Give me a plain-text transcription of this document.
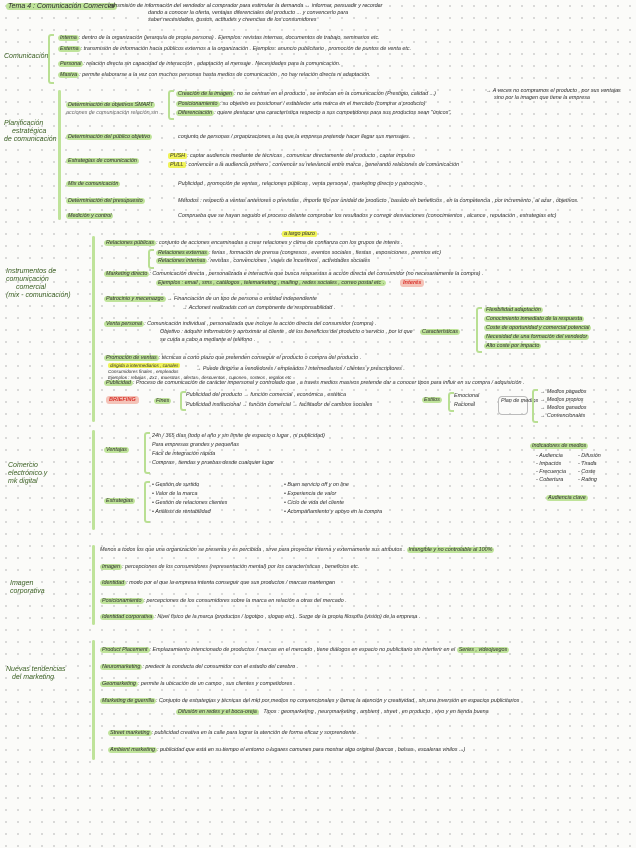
Tema 4 : Comunicación Comercial
transmisión de información del vendedor al comprador para estimular la demanda → informar, persuadir y recordar
dando a conocer la oferta, ventajas diferenciales del producto ... y convencerlo para
saber necesidades, gustos, actitudes y creencias de los consumidores
Comunicación
Interna : dentro de la organización (jerarquía de propia persona) . Ejemplos: revistas internas, documentos de trabajo, seminarios etc.
Externa : transmisión de información hacia públicos externos a la organización . Ejemplos: anuncio publicitario , promoción de puntos de venta etc.
Personal : relación directa sin capacidad de interacción , adaptación al mensaje . Necesidades para la comunicación.
Masiva : permite elaborarse a la vez con muchos personas hasta medios de comunicación , no hay relación directa ni adaptación.
Planificación
estratégica
de comunicación
Determinación de objetivos SMART
acciones de comunicación relación sin ...
Creación de la imagen : no se centran en el producto , se enfocan en la comunicación (Prestigio, calidad ...)	→ A veces no compramos el producto , por sus ventajas
sino por la imagen que tiene la empresa
Posicionamiento : su objetivo es posicionar / establecer una marca en el mercado (comprar a producto)
Diferenciación : quiere destacar una característica respecto a sus competidores para sus productos sean "únicos".
Determinación del público objetivo	conjunto de personas / organizaciones a las que la empresa pretende hacer llegar sus mensajes.
Estrategias de comunicación
PUSH : captar audiencia mediante de técnicas , comunicar directamente del producto , captar impulso
PULL : convencer a la audiencia primero , convencer su relevancia entre marca , generando relaciones de comunicación
Mix de comunicación	Publicidad , promoción de ventas , relaciones públicas , venta personal , marketing directo y patrocinio .
Determinación del presupuesto	Métodos : respecto a ventas anteriores o previstas , importe fijo por unidad de producto , basado en beneficios , en la competencia , por incremento , al azar , objetivos.
Medición y control	Comprueba que se hayan seguido el proceso delante comprobar los resultados y corregir desviaciones (conocimientos , alcance , reputación , estrategias etc)
Instrumentos de
comunicación
comercial
(mix - comunicación)
a largo plazo
Relaciones públicas : conjunto de acciones encaminadas a crear relaciones y clima de confianza con los grupos de interés .
Relaciones externas : ferias , formación de prensa (congresos , eventos sociales , fiestas , exposiciones , premios etc)
Relaciones internas : revistas , convenciones , viajes de incentivos , actividades sociales
Marketing directo : Comunicación directa , personalizada e interactiva que busca respuestas a acción directa del consumidor (no necesariamente la compra) .
Ejemplos : email , sms , catálogos , telemarketing , mailing , redes sociales , correo postal etc .	Interés
Patrocinio y mecenazgo → Financiación de un tipo de persona o entidad independiente
→ Acciones realizadas con un componente de responsabilidad .
Venta personal : Comunicación individual , personalizada que incluye la acción directa del consumidor (compra) .
Objetivo : adquirir información y aproximar al cliente , de los beneficios del producto o servicio , por lo que
se cuida a cabo a mediante el teléfono .
Características
Flexibilidad adaptación
Conocimiento inmediato de la respuesta
Coste de oportunidad y comercial potencial
Necesidad de una formación del vendedor
Alto coste por impacto
Promoción de ventas : técnicas a corto plazo que pretenden conseguir el producto o compra del producto .
dirigida a intermediarios , canales
Consumidores finales , empleados
Ejemplos : rebajas , 2x1 , muestras , ofertas , descuentos , cupones , sorteos , regalos etc
→ Puede dirigirse a vendedores / empleados / intermediarios / clientes y prescriptores .
Publicidad : Proceso de comunicación de carácter impersonal y controlado que , a través medios masivos pretende dar a conocer tipos para influir en su compra / adquisición .
BRIEFING	Fines
Publicidad del producto → función comercial , económica , estética
Publicidad institucional → función comercial → facilitador de cambios sociales
Estilos
Emocional
Racional
Plan de medios
→ Medios pagados
→ Medios propios
→ Medios ganados
→ Convencionales
Indicadores de medios
- Audiencia
- Impactos
- Frecuencia
- Cobertura
- Difusión
- Tirada
- Coste
- Rating
Audiencia clave
Comercio
electrónico y
mk digital
Ventajas
24h / 365 días (todo el año y sin límite de espacio o lugar , ni publicidad)
Para empresas grandes y pequeñas
Fácil de integración rápida
Compras , tiendas y pruebas desde cualquier lugar
Estrategias
• Gestión de surtido
• Valor de la marca
• Gestión de relaciones clientes
• Análisis de rentabilidad
• Buen servicio off y on line
• Experiencia de valor
• Ciclo de vida del cliente
• Acompañamiento y apoyo en la compra
Imagen
corporativa
Menos a todos los que una organización se presenta y es percibida , sirve para proyectar interna y externamente sus atributos . Intangible y no controlable al 100%
Imagen : percepciones de los consumidores (representación mental) por los características , beneficios etc.
Identidad : modo por el que la empresa intenta conseguir que sus productos / marcas mantengan
Posicionamiento : percepciones de los consumidores sobre la marca en relación a otras del mercado .
Identidad corporativa : Nivel físico de la marca (productos / logotipo , slogan etc) . Surge de la propia filosofía (visión) de la empresa .
Nuevas tendencias
del marketing
Product Placement : Emplazamiento intencionado de productos / marcas en el mercado , tiene diálogos en espacio no publicitario sin interferir en el Series , videojuegos
Neuromarketing : predecir la conducta del consumidor con el estudio del cerebro .
Geomarketing : permite la ubicación de un campo , sus clientes y competidores .
Marketing de guerrilla : Conjunto de estrategias y técnicas del mkt por medios no convencionales y llamar la atención y creatividad , sin una inversión en espacios publicitarios
Difusión en redes y el boca-oreja Tipos : geomarketing , neuromarketing , ambient , street , en producto , vivo y en tienda buena
Street marketing : publicidad creativa en la calle para lograr la atención de forma eficaz y sorprendente .
Ambient marketing : publicidad que está en su tiempo el entorno o lugares comunes para mostrar algo original (barcos , bolsas , escaleras vinilos ...)
